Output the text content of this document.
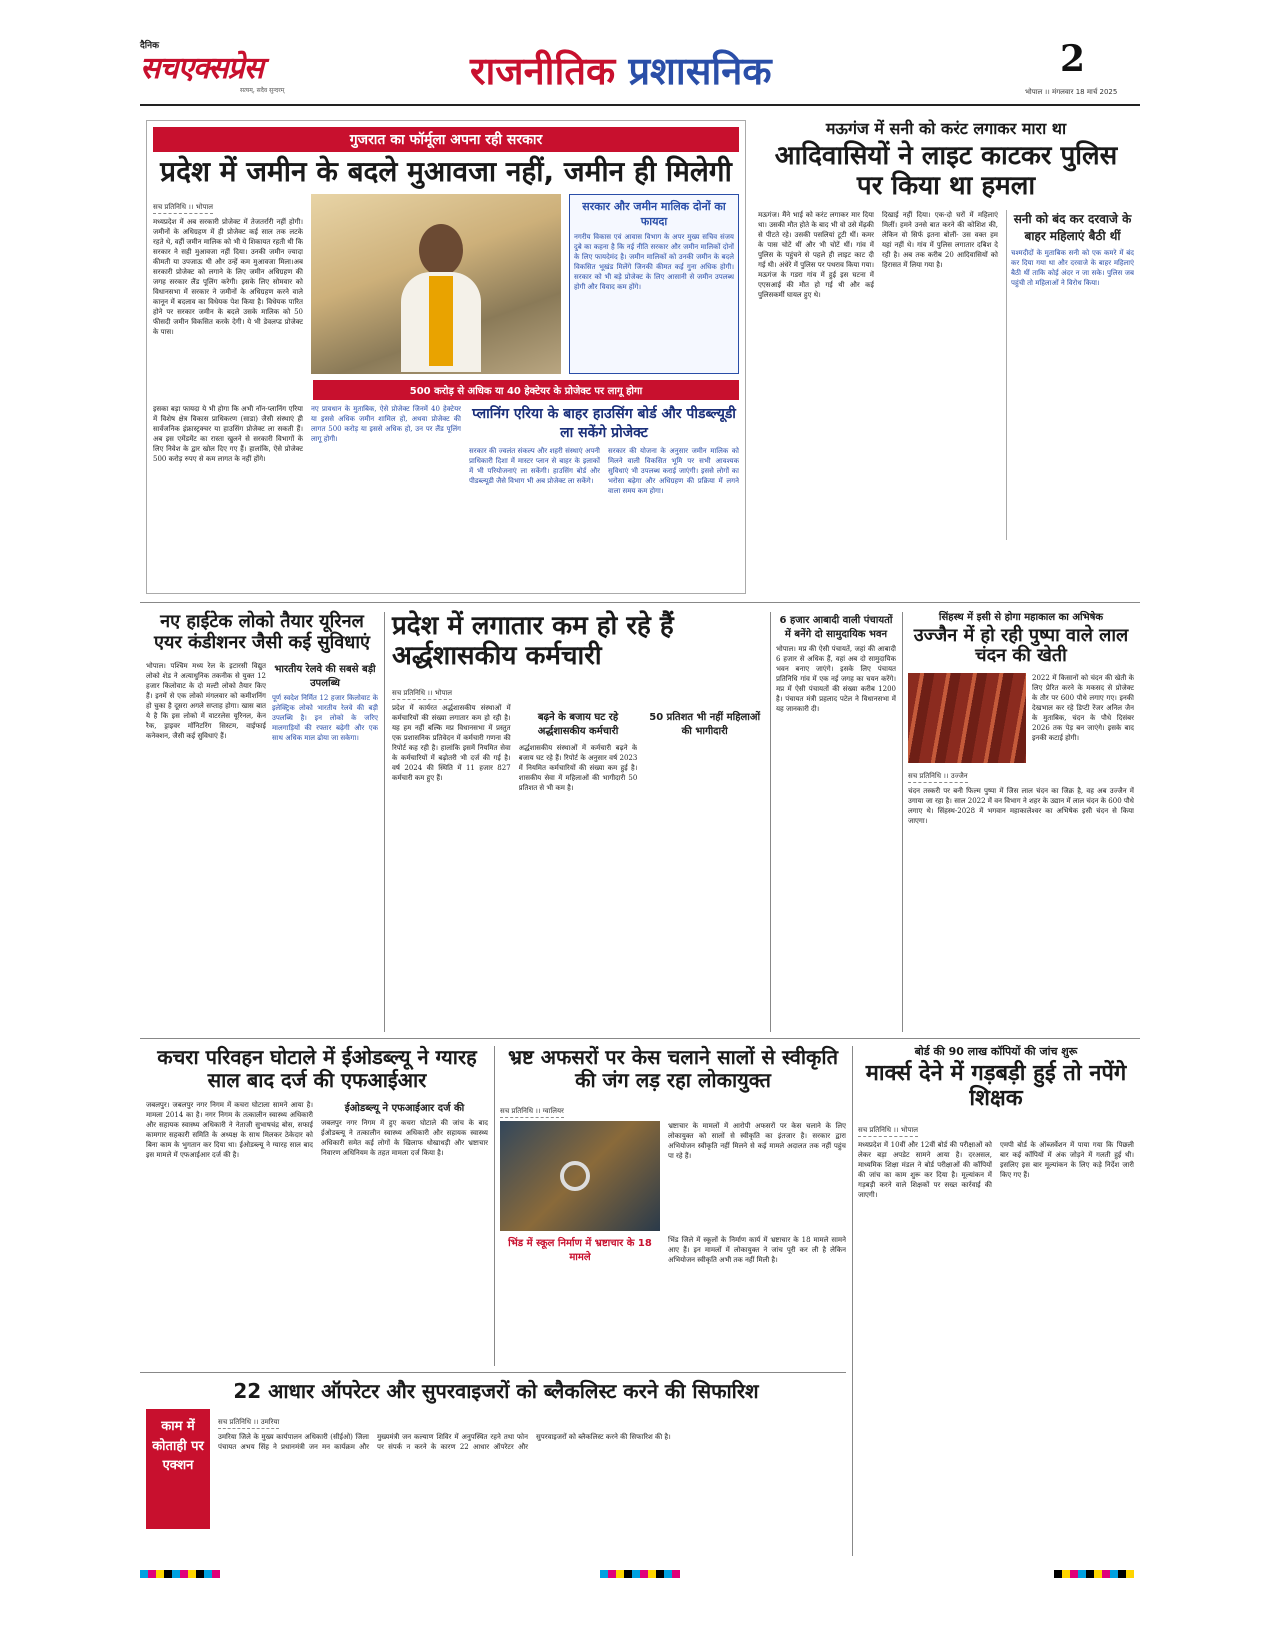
दैनिक
सचएक्सप्रेस
सत्यम्, सदैव सुन्दरम्	राजनीतिक प्रशासनिक	2
भोपाल ।। मंगलवार 18 मार्च 2025
गुजरात का फॉर्मूला अपना रही सरकार
प्रदेश में जमीन के बदले मुआवजा नहीं, जमीन ही मिलेगी
सच प्रतिनिधि ।। भोपाल
मध्यप्रदेश में अब सरकारी प्रोजेक्ट में तेजतर्रारी नहीं होगी। जमीनों के अधिग्रहण में ही प्रोजेक्ट कई साल तक लटके रहते थे, वहीं जमीन मालिक को भी ये शिकायत रहती थी कि सरकार ने सही मुआवजा नहीं दिया। उनकी जमीन ज्यादा कीमती या उपजाऊ थी और उन्हें कम मुआवजा मिला।अब सरकारी प्रोजेक्ट को लगाने के लिए जमीन अधिग्रहण की जगह सरकार लैंड पूलिंग करेगी। इसके लिए सोमवार को विधानसभा में सरकार ने जमीनों के अधिग्रहण करने वाले कानून में बदलाव का विधेयक पेश किया है। विधेयक पारित होने पर सरकार जमीन के बदले उसके मालिक को 50 फीसदी जमीन विकसित करके देगी। ये भी डेवलप्ड प्रोजेक्ट के पास।
सरकार और जमीन मालिक दोनों का फायदा
नगरीय विकास एवं आवास विभाग के अपर मुख्य सचिव संजय दुबे का कहना है कि नई नीति सरकार और जमीन मालिकों दोनों के लिए फायदेमंद है। जमीन मालिकों को उनकी जमीन के बदले विकसित भूखंड मिलेंगे जिनकी कीमत कई गुना अधिक होगी। सरकार को भी बड़े प्रोजेक्ट के लिए आसानी से जमीन उपलब्ध होगी और विवाद कम होंगे।
500 करोड़ से अधिक या 40 हेक्टेयर के प्रोजेक्ट पर लागू होगा
इसका बड़ा फायदा ये भी होगा कि अभी नॉन-प्लानिंग एरिया में विशेष क्षेत्र विकास प्राधिकरण (साडा) जैसी संस्थाएं ही सार्वजनिक इंफ्रास्ट्रक्चर या हाउसिंग प्रोजेक्ट ला सकती हैं। अब इस एमेंडमेंट का रास्ता खुलने से सरकारी विभागों के लिए निवेश के द्वार खोल दिए गए हैं। हालांकि, ऐसे प्रोजेक्ट 500 करोड़ रुपए से कम लागत के नहीं होंगे।
नए प्रावधान के मुताबिक, ऐसे प्रोजेक्ट जिनमें 40 हेक्टेयर या इससे अधिक जमीन शामिल हो, अथवा प्रोजेक्ट की लागत 500 करोड़ या इससे अधिक हो, उन पर लैंड पूलिंग लागू होगी।
प्लानिंग एरिया के बाहर हाउसिंग बोर्ड और पीडब्ल्यूडी ला सकेंगे प्रोजेक्ट
सरकार की ज्वलंत संकल्प और शहरी संस्थाएं अपनी प्राधिकारी दिशा में मास्टर प्लान से बाहर के इलाकों में भी परियोजनाएं ला सकेंगी। हाउसिंग बोर्ड और पीडब्ल्यूडी जैसे विभाग भी अब प्रोजेक्ट ला सकेंगे।
सरकार की योजना के अनुसार जमीन मालिक को मिलने वाली विकसित भूमि पर सभी आवश्यक सुविधाएं भी उपलब्ध कराई जाएंगी। इससे लोगों का भरोसा बढ़ेगा और अधिग्रहण की प्रक्रिया में लगने वाला समय कम होगा।
मऊगंज में सनी को करंट लगाकर मारा था
आदिवासियों ने लाइट काटकर पुलिस पर किया था हमला
मऊगंज। मैंने भाई को करंट लगाकर मार दिया था। उसकी मौत होते के बाद भी वो उसे मेंढ़की से पीटते रहे। उसकी पसलियां टूटी थीं। कमर के पास चोटें थीं और भी चोटें थीं। गांव में पुलिस के पहुंचने से पहले ही लाइट काट दी गई थी। अंधेरे में पुलिस पर पथराव किया गया। मऊगंज के गडरा गांव में हुई इस घटना में एएसआई की मौत हो गई थी और कई पुलिसकर्मी घायल हुए थे।
दिखाई नहीं दिया। एक-दो घरों में महिलाएं मिलीं। हमने उनसे बात करने की कोशिश की, लेकिन वो सिर्फ इतना बोलीं- उस वक्त हम यहां नहीं थे। गांव में पुलिस लगातार दबिश दे रही है। अब तक करीब 20 आदिवासियों को हिरासत में लिया गया है।
सनी को बंद कर दरवाजे के बाहर महिलाएं बैठी थीं
चश्मदीदों के मुताबिक सनी को एक कमरे में बंद कर दिया गया था और दरवाजे के बाहर महिलाएं बैठी थीं ताकि कोई अंदर न जा सके। पुलिस जब पहुंची तो महिलाओं ने विरोध किया।
नए हाईटेक लोको तैयार यूरिनल एयर कंडीशनर जैसी कई सुविधाएं
भोपाल। पश्चिम मध्य रेल के इटारसी विद्युत लोको शेड ने अत्याधुनिक तकनीक से युक्त 12 हजार किलोवाट के दो मल्टी लोको तैयार किए हैं। इनमें से एक लोको मंगलवार को कमीशनिंग हो चुका है दूसरा अगले सप्ताह होगा। खास बात ये है कि इस लोको में वाटरलेस यूरिनल, केन रैक, ड्राइवर मॉनिटरिंग सिस्टम, वाईफाई कनेक्शन, जैसी कई सुविधाएं हैं।
भारतीय रेलवे की सबसे बड़ी उपलब्धि
पूर्ण स्वदेश निर्मित 12 हजार किलोवाट के इलेक्ट्रिक लोको भारतीय रेलवे की बड़ी उपलब्धि है। इन लोको के जरिए मालगाड़ियों की रफ्तार बढ़ेगी और एक साथ अधिक माल ढोया जा सकेगा।
प्रदेश में लगातार कम हो रहे हैं अर्द्धशासकीय कर्मचारी
सच प्रतिनिधि ।। भोपाल
प्रदेश में कार्यरत अर्द्धशासकीय संस्थाओं में कर्मचारियों की संख्या लगातार कम हो रही है। यह हम नहीं बल्कि मप्र विधानसभा में प्रस्तुत एक प्रशासनिक प्रतिवेदन में कर्मचारी गणना की रिपोर्ट कह रही है। हालांकि इसमें नियमित सेवा के कर्मचारियों में बढ़ोतरी भी दर्ज की गई है। वर्ष 2024 की स्थिति में 11 हजार 827 कर्मचारी कम हुए हैं।
बढ़ने के बजाय घट रहे अर्द्धशासकीय कर्मचारी
अर्द्धशासकीय संस्थाओं में कर्मचारी बढ़ने के बजाय घट रहे हैं। रिपोर्ट के अनुसार वर्ष 2023 में नियमित कर्मचारियों की संख्या कम हुई है। शासकीय सेवा में महिलाओं की भागीदारी 50 प्रतिशत से भी कम है।
50 प्रतिशत भी नहीं महिलाओं की भागीदारी
6 हजार आबादी वाली पंचायतों में बनेंगे दो सामुदायिक भवन
भोपाल। मप्र की ऐसी पंचायतें, जहां की आबादी 6 हजार से अधिक हैं, वहां अब दो सामुदायिक भवन बनाए जाएंगे। इसके लिए पंचायत प्रतिनिधि गांव में एक नई जगह का चयन करेंगे। मप्र में ऐसी पंचायतों की संख्या करीब 1200 है। पंचायत मंत्री प्रहलाद पटेल ने विधानसभा में यह जानकारी दी।
सिंहस्थ में इसी से होगा महाकाल का अभिषेक
उज्जैन में हो रही पुष्पा वाले लाल चंदन की खेती
2022 में किसानों को चंदन की खेती के लिए प्रेरित करने के मकसद से प्रोजेक्ट के तौर पर 600 पौधे लगाए गए। इनकी देखभाल कर रहे डिप्टी रेंजर अनिल जैन के मुताबिक, चंदन के पौधे दिसंबर 2026 तक पेड़ बन जाएंगे। इसके बाद इनकी कटाई होगी।
सच प्रतिनिधि ।। उज्जैन
चंदन तस्करी पर बनी फिल्म पुष्पा में जिस लाल चंदन का जिक्र है, वह अब उज्जैन में उगाया जा रहा है। साल 2022 में वन विभाग ने शहर के उद्यान में लाल चंदन के 600 पौधे लगाए थे। सिंहस्थ-2028 में भगवान महाकालेश्वर का अभिषेक इसी चंदन से किया जाएगा।
कचरा परिवहन घोटाले में ईओडब्ल्यू ने ग्यारह साल बाद दर्ज की एफआईआर
जबलपुर। जबलपुर नगर निगम में कचरा घोटाला सामने आया है। मामला 2014 का है। नगर निगम के तत्कालीन स्वास्थ्य अधिकारी और सहायक स्वास्थ्य अधिकारी ने नेताजी सुभाषचंद्र बोस, सफाई कामगार सहकारी समिति के अध्यक्ष के साथ मिलकर ठेकेदार को बिना काम के भुगतान कर दिया था। ईओडब्ल्यू ने ग्यारह साल बाद इस मामले में एफआईआर दर्ज की है।
ईओडब्ल्यू ने एफआईआर दर्ज की
जबलपुर नगर निगम में हुए कचरा घोटाले की जांच के बाद ईओडब्ल्यू ने तत्कालीन स्वास्थ्य अधिकारी और सहायक स्वास्थ्य अधिकारी समेत कई लोगों के खिलाफ धोखाधड़ी और भ्रष्टाचार निवारण अधिनियम के तहत मामला दर्ज किया है।
भ्रष्ट अफसरों पर केस चलाने सालों से स्वीकृति की जंग लड़ रहा लोकायुक्त
सच प्रतिनिधि ।। ग्वालियर
भिंड में स्कूल निर्माण में भ्रष्टाचार के 18 मामले
भ्रष्टाचार के मामलों में आरोपी अफसरों पर केस चलाने के लिए लोकायुक्त को सालों से स्वीकृति का इंतजार है। सरकार द्वारा अभियोजन स्वीकृति नहीं मिलने से कई मामले अदालत तक नहीं पहुंच पा रहे हैं।
भिंड जिले में स्कूलों के निर्माण कार्य में भ्रष्टाचार के 18 मामले सामने आए हैं। इन मामलों में लोकायुक्त ने जांच पूरी कर ली है लेकिन अभियोजन स्वीकृति अभी तक नहीं मिली है।
बोर्ड की 90 लाख कॉपियों की जांच शुरू
मार्क्स देने में गड़बड़ी हुई तो नपेंगे शिक्षक
सच प्रतिनिधि ।। भोपाल
मध्यप्रदेश में 10वीं और 12वीं बोर्ड की परीक्षाओं को लेकर बड़ा अपडेट सामने आया है। दरअसल, माध्यमिक शिक्षा मंडल ने बोर्ड परीक्षाओं की कॉपियों की जांच का काम शुरू कर दिया है। मूल्यांकन में गड़बड़ी करने वाले शिक्षकों पर सख्त कार्रवाई की जाएगी।
एमपी बोर्ड के ऑब्जर्वेशन में पाया गया कि पिछली बार कई कॉपियों में अंक जोड़ने में गलती हुई थी। इसलिए इस बार मूल्यांकन के लिए कड़े निर्देश जारी किए गए हैं।
22 आधार ऑपरेटर और सुपरवाइजरों को ब्लैकलिस्ट करने की सिफारिश
काम में कोताही पर एक्शन
सच प्रतिनिधि ।। उमरिया
उमरिया जिले के मुख्य कार्यपालन अधिकारी (सीईओ) जिला पंचायत अभय सिंह ने प्रधानमंत्री जन मन कार्यक्रम और मुख्यमंत्री जन कल्याण शिविर में अनुपस्थित रहने तथा फोन पर संपर्क न करने के कारण 22 आधार ऑपरेटर और सुपरवाइजरों को ब्लैकलिस्ट करने की सिफारिश की है।
